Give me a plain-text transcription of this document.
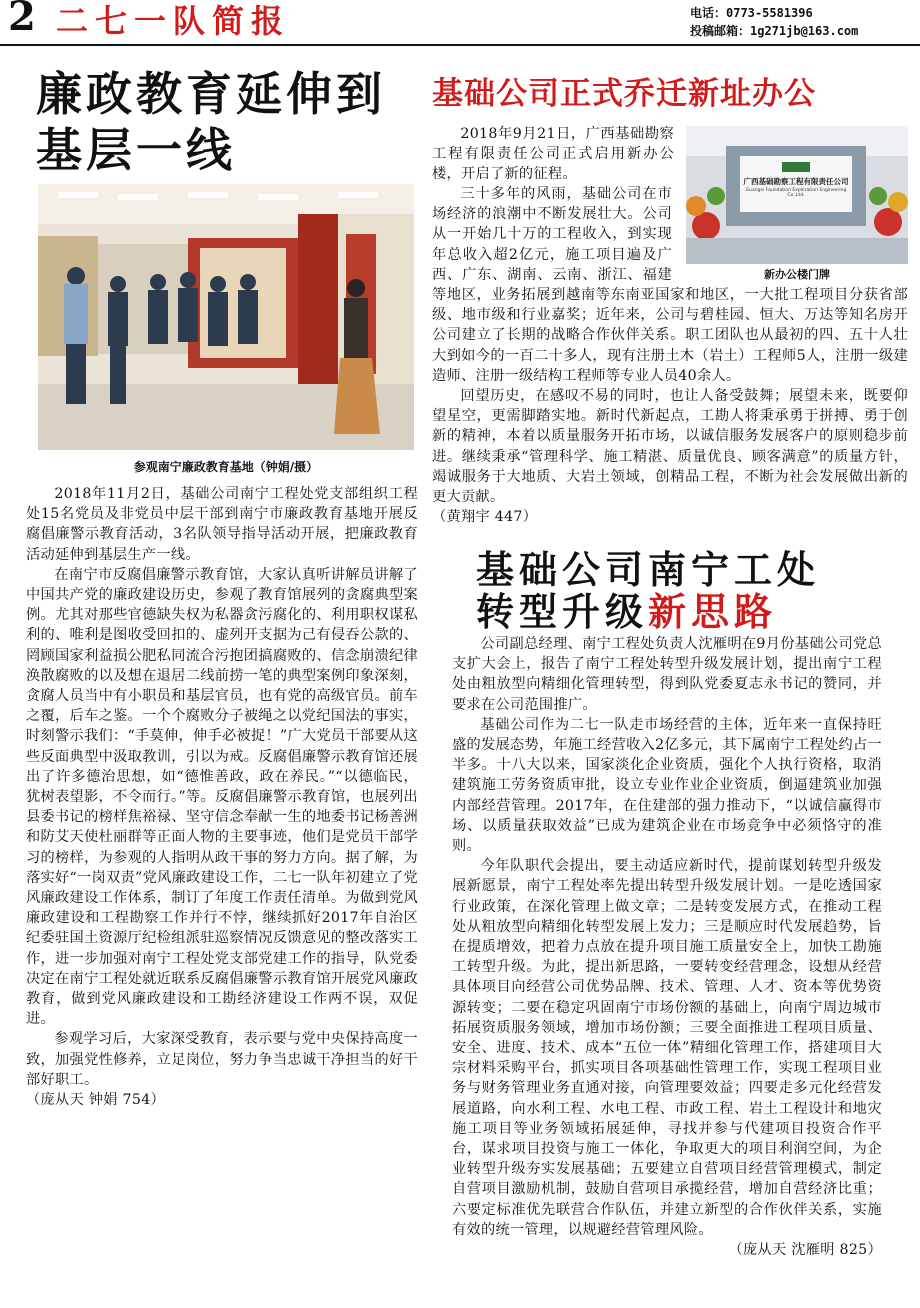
2 二七一队简报	电话：0773-5581396
投稿邮箱：1g271jb@163.com
廉政教育延伸到
基层一线
参观南宁廉政教育基地（钟娟/摄）

2018年11月2日，基础公司南宁工程处党支部组织工程处15名党员及非党员中层干部到南宁市廉政教育基地开展反腐倡廉警示教育活动，3名队领导指导活动开展，把廉政教育活动延伸到基层生产一线。

在南宁市反腐倡廉警示教育馆，大家认真听讲解员讲解了中国共产党的廉政建设历史，参观了教育馆展列的贪腐典型案例。尤其对那些官德缺失权为私器贪污腐化的、利用职权谋私利的、唯利是图收受回扣的、虚列开支据为己有侵吞公款的、罔顾国家利益损公肥私同流合污抱团搞腐败的、信念崩溃纪律涣散腐败的以及想在退居二线前捞一笔的典型案例印象深刻，贪腐人员当中有小职员和基层官员，也有党的高级官员。前车之覆，后车之鉴。一个个腐败分子被绳之以党纪国法的事实，时刻警示我们：“手莫伸，伸手必被捉！”广大党员干部要从这些反面典型中汲取教训，引以为戒。反腐倡廉警示教育馆还展出了许多德治思想，如“德惟善政，政在养民。”“以德临民，犹树表望影，不令而行。”等。反腐倡廉警示教育馆，也展列出县委书记的榜样焦裕禄、坚守信念奉献一生的地委书记杨善洲和防艾天使杜丽群等正面人物的主要事迹，他们是党员干部学习的榜样，为参观的人指明从政干事的努力方向。据了解，为落实好“一岗双责”党风廉政建设工作，二七一队年初建立了党风廉政建设工作体系，制订了年度工作责任清单。为做到党风廉政建设和工程勘察工作并行不悖，继续抓好2017年自治区纪委驻国土资源厅纪检组派驻巡察情况反馈意见的整改落实工作，进一步加强对南宁工程处党支部党建工作的指导，队党委决定在南宁工程处就近联系反腐倡廉警示教育馆开展党风廉政教育，做到党风廉政建设和工勘经济建设工作两不误，双促进。

参观学习后，大家深受教育，表示要与党中央保持高度一致，加强党性修养，立足岗位，努力争当忠诚干净担当的好干部好职工。

（庞从天 钟娟 754）

基础公司正式乔迁新址办公
广西基础勘察工程有限责任公司
Guangxi Foundation Exploration Engineering Co.,Ltd.
新办公楼门牌

2018年9月21日，广西基础勘察工程有限责任公司正式启用新办公楼，开启了新的征程。

三十多年的风雨，基础公司在市场经济的浪潮中不断发展壮大。公司从一开始几十万的工程收入，到实现年总收入超2亿元，施工项目遍及广西、广东、湖南、云南、浙江、福建等地区，业务拓展到越南等东南亚国家和地区，一大批工程项目分获省部级、地市级和行业嘉奖；近年来，公司与碧桂园、恒大、万达等知名房开公司建立了长期的战略合作伙伴关系。职工团队也从最初的四、五十人壮大到如今的一百二十多人，现有注册土木（岩土）工程师5人，注册一级建造师、注册一级结构工程师等专业人员40余人。

回望历史，在感叹不易的同时，也让人备受鼓舞；展望未来，既要仰望星空，更需脚踏实地。新时代新起点，工勘人将秉承勇于拼搏、勇于创新的精神，本着以质量服务开拓市场，以诚信服务发展客户的原则稳步前进。继续秉承“管理科学、施工精湛、质量优良、顾客满意”的质量方针，竭诚服务于大地质、大岩土领域，创精品工程，不断为社会发展做出新的更大贡献。

（黄翔宇 447）

基础公司南宁工处
转型升级新思路

公司副总经理、南宁工程处负责人沈雁明在9月份基础公司党总支扩大会上，报告了南宁工程处转型升级发展计划，提出南宁工程处由粗放型向精细化管理转型，得到队党委夏志永书记的赞同，并要求在公司范围推广。

基础公司作为二七一队走市场经营的主体，近年来一直保持旺盛的发展态势，年施工经营收入2亿多元，其下属南宁工程处约占一半多。十八大以来，国家淡化企业资质，强化个人执行资格，取消建筑施工劳务资质审批，设立专业作业企业资质，倒逼建筑业加强内部经营管理。2017年，在住建部的强力推动下，“以诚信赢得市场、以质量获取效益”已成为建筑企业在市场竞争中必须恪守的准则。

今年队职代会提出，要主动适应新时代，提前谋划转型升级发展新愿景，南宁工程处率先提出转型升级发展计划。一是吃透国家行业政策，在深化管理上做文章；二是转变发展方式，在推动工程处从粗放型向精细化转型发展上发力；三是顺应时代发展趋势，旨在提质增效，把着力点放在提升项目施工质量安全上，加快工勘施工转型升级。为此，提出新思路，一要转变经营理念，设想从经营具体项目向经营公司优势品牌、技术、管理、人才、资本等优势资源转变；二要在稳定巩固南宁市场份额的基础上，向南宁周边城市拓展资质服务领域，增加市场份额；三要全面推进工程项目质量、安全、进度、技术、成本“五位一体”精细化管理工作，搭建项目大宗材料采购平台，抓实项目各项基础性管理工作，实现工程项目业务与财务管理业务直通对接，向管理要效益；四要走多元化经营发展道路，向水利工程、水电工程、市政工程、岩土工程设计和地灾施工项目等业务领域拓展延伸，寻找并参与代建项目投资合作平台，谋求项目投资与施工一体化，争取更大的项目利润空间，为企业转型升级夯实发展基础；五要建立自营项目经营管理模式，制定自营项目激励机制，鼓励自营项目承揽经营，增加自营经济比重；六要定标准优先联营合作队伍，并建立新型的合作伙伴关系，实施有效的统一管理，以规避经营管理风险。

（庞从天 沈雁明 825）
